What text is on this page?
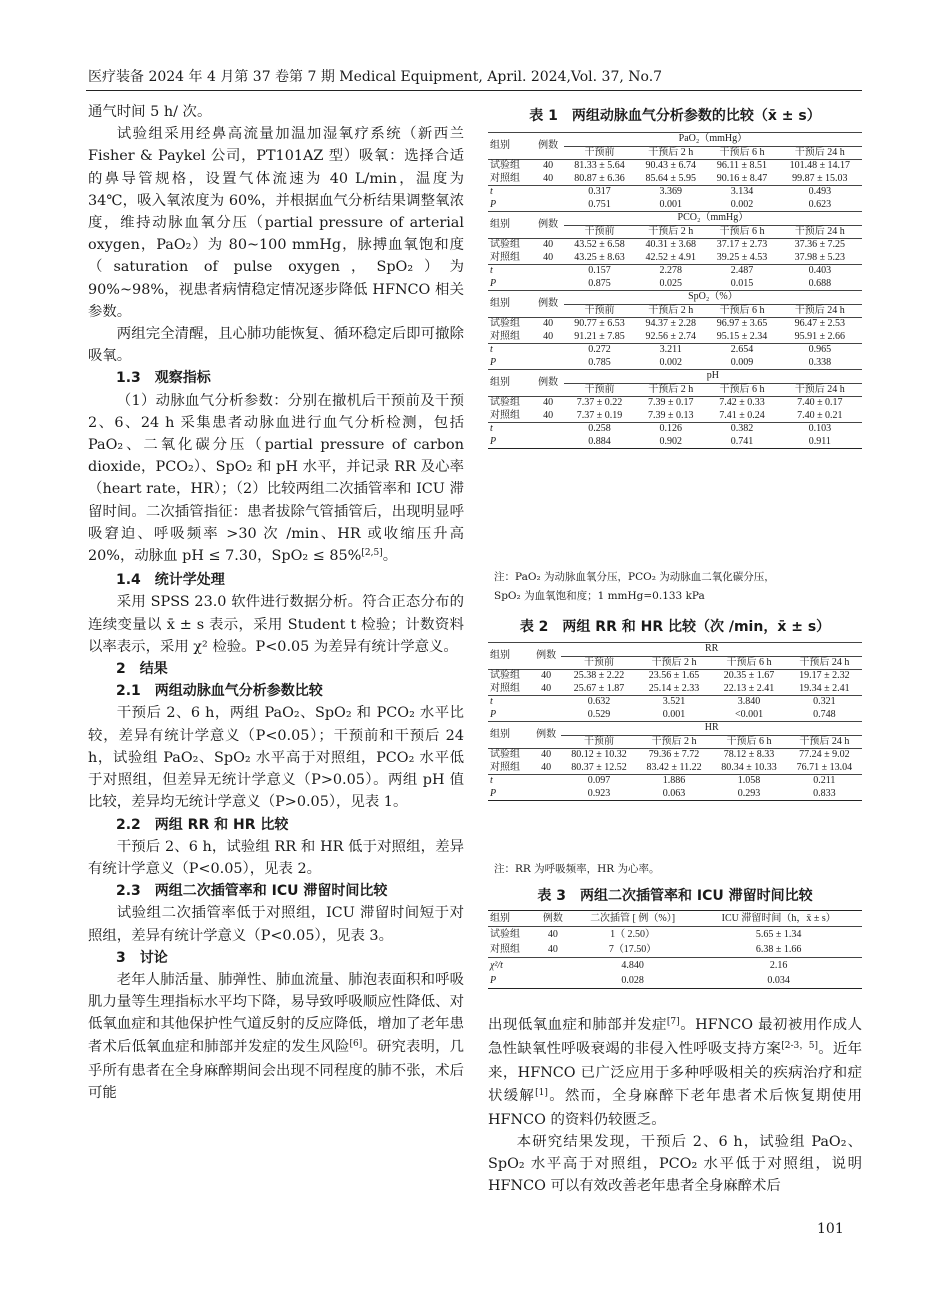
医疗装备 2024 年 4 月第 37 卷第 7 期 Medical Equipment, April. 2024,Vol. 37, No.7

通气时间 5 h/ 次。

试验组采用经鼻高流量加温加湿氧疗系统（新西兰 Fisher & Paykel 公司，PT101AZ 型）吸氧：选择合适的鼻导管规格，设置气体流速为 40 L/min，温度为 34℃，吸入氧浓度为 60%，并根据血气分析结果调整氧浓度，维持动脉血氧分压（partial pressure of arterial oxygen，PaO₂）为 80~100 mmHg，脉搏血氧饱和度（saturation of pulse oxygen，SpO₂）为 90%~98%，视患者病情稳定情况逐步降低 HFNCO 相关参数。

两组完全清醒，且心肺功能恢复、循环稳定后即可撤除吸氧。

1.3　观察指标

（1）动脉血气分析参数：分别在撤机后干预前及干预 2、6、24 h 采集患者动脉血进行血气分析检测，包括 PaO₂、二氧化碳分压（partial pressure of carbon dioxide，PCO₂）、SpO₂ 和 pH 水平，并记录 RR 及心率（heart rate，HR）；（2）比较两组二次插管率和 ICU 滞留时间。二次插管指征：患者拔除气管插管后，出现明显呼吸窘迫、呼吸频率 >30 次 /min、HR 或收缩压升高 20%，动脉血 pH ≤ 7.30，SpO₂ ≤ 85%[2,5]。

1.4　统计学处理

采用 SPSS 23.0 软件进行数据分析。符合正态分布的连续变量以 x̄ ± s 表示，采用 Student t 检验；计数资料以率表示，采用 χ² 检验。P<0.05 为差异有统计学意义。

2　结果

2.1　两组动脉血气分析参数比较

干预后 2、6 h，两组 PaO₂、SpO₂ 和 PCO₂ 水平比较，差异有统计学意义（P<0.05）；干预前和干预后 24 h，试验组 PaO₂、SpO₂ 水平高于对照组，PCO₂ 水平低于对照组，但差异无统计学意义（P>0.05）。两组 pH 值比较，差异均无统计学意义（P>0.05），见表 1。

2.2　两组 RR 和 HR 比较

干预后 2、6 h，试验组 RR 和 HR 低于对照组，差异有统计学意义（P<0.05），见表 2。

2.3　两组二次插管率和 ICU 滞留时间比较

试验组二次插管率低于对照组，ICU 滞留时间短于对照组，差异有统计学意义（P<0.05），见表 3。

3　讨论

老年人肺活量、肺弹性、肺血流量、肺泡表面积和呼吸肌力量等生理指标水平均下降，易导致呼吸顺应性降低、对低氧血症和其他保护性气道反射的反应降低，增加了老年患者术后低氧血症和肺部并发症的发生风险[6]。研究表明，几乎所有患者在全身麻醉期间会出现不同程度的肺不张，术后可能

表 1　两组动脉血气分析参数的比较（x̄ ± s）
组别	例数	PaO₂（mmHg）			
		干预前	干预后 2 h	干预后 6 h	干预后 24 h
试验组	40	81.33 ± 5.64	90.43 ± 6.74	96.11 ± 8.51	101.48 ± 14.17
对照组	40	80.87 ± 6.36	85.64 ± 5.95	90.16 ± 8.47	99.87 ± 15.03
t		0.317	3.369	3.134	0.493
P		0.751	0.001	0.002	0.623
组别	例数	PCO₂（mmHg）			
		干预前	干预后 2 h	干预后 6 h	干预后 24 h
试验组	40	43.52 ± 6.58	40.31 ± 3.68	37.17 ± 2.73	37.36 ± 7.25
对照组	40	43.25 ± 8.63	42.52 ± 4.91	39.25 ± 4.53	37.98 ± 5.23
t		0.157	2.278	2.487	0.403
P		0.875	0.025	0.015	0.688
组别	例数	SpO₂（%）			
		干预前	干预后 2 h	干预后 6 h	干预后 24 h
试验组	40	90.77 ± 6.53	94.37 ± 2.28	96.97 ± 3.65	96.47 ± 2.53
对照组	40	91.21 ± 7.85	92.56 ± 2.74	95.15 ± 2.34	95.91 ± 2.66
t		0.272	3.211	2.654	0.965
P		0.785	0.002	0.009	0.338
组别	例数	pH			
		干预前	干预后 2 h	干预后 6 h	干预后 24 h
试验组	40	7.37 ± 0.22	7.39 ± 0.17	7.42 ± 0.33	7.40 ± 0.17
对照组	40	7.37 ± 0.19	7.39 ± 0.13	7.41 ± 0.24	7.40 ± 0.21
t		0.258	0.126	0.382	0.103
P		0.884	0.902	0.741	0.911
注：PaO₂ 为动脉血氧分压，PCO₂ 为动脉血二氧化碳分压，
SpO₂ 为血氧饱和度；1 mmHg=0.133 kPa
表 2　两组 RR 和 HR 比较（次 /min，x̄ ± s）
组别	例数	RR			
		干预前	干预后 2 h	干预后 6 h	干预后 24 h
试验组	40	25.38 ± 2.22	23.56 ± 1.65	20.35 ± 1.67	19.17 ± 2.32
对照组	40	25.67 ± 1.87	25.14 ± 2.33	22.13 ± 2.41	19.34 ± 2.41
t		0.632	3.521	3.840	0.321
P		0.529	0.001	<0.001	0.748
组别	例数	HR			
		干预前	干预后 2 h	干预后 6 h	干预后 24 h
试验组	40	80.12 ± 10.32	79.36 ± 7.72	78.12 ± 8.33	77.24 ± 9.02
对照组	40	80.37 ± 12.52	83.42 ± 11.22	80.34 ± 10.33	76.71 ± 13.04
t		0.097	1.886	1.058	0.211
P		0.923	0.063	0.293	0.833
注：RR 为呼吸频率，HR 为心率。
表 3　两组二次插管率和 ICU 滞留时间比较
组别	例数	二次插管 [ 例（%）]	ICU 滞留时间（h，x̄ ± s）
试验组	40	1（ 2.50）	5.65 ± 1.34
对照组	40	7（17.50）	6.38 ± 1.66
χ²/t		4.840	2.16
P		0.028	0.034

出现低氧血症和肺部并发症[7]。HFNCO 最初被用作成人急性缺氧性呼吸衰竭的非侵入性呼吸支持方案[2-3，5]。近年来，HFNCO 已广泛应用于多种呼吸相关的疾病治疗和症状缓解[1]。然而，全身麻醉下老年患者术后恢复期使用 HFNCO 的资料仍较匮乏。

本研究结果发现，干预后 2、6 h，试验组 PaO₂、SpO₂ 水平高于对照组，PCO₂ 水平低于对照组，说明 HFNCO 可以有效改善老年患者全身麻醉术后

101
